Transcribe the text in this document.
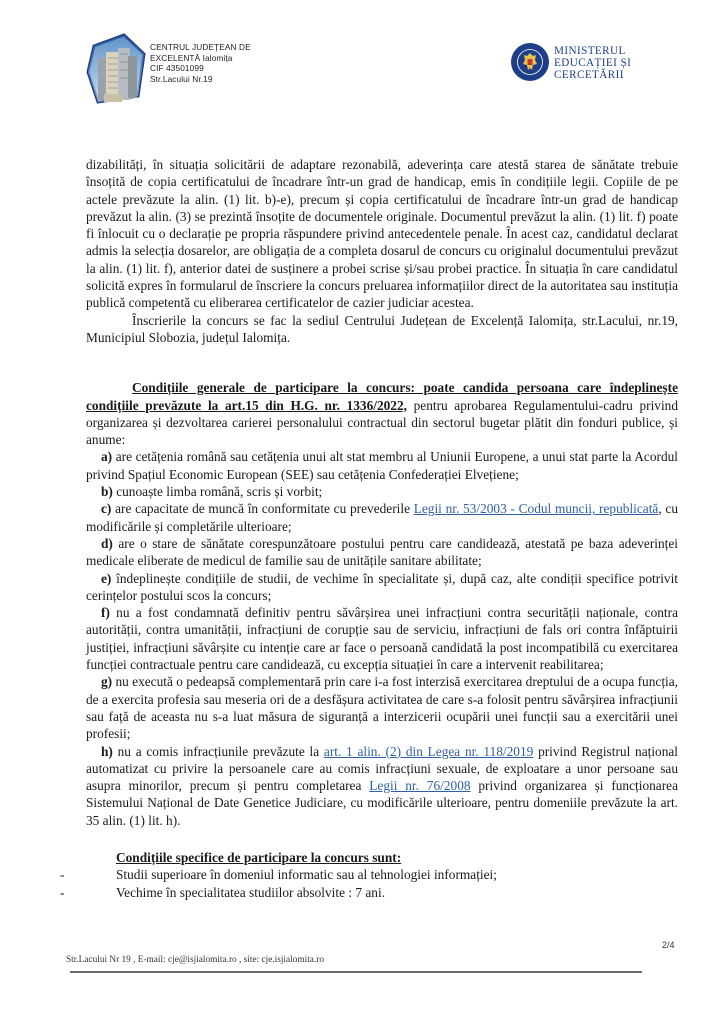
CENTRUL JUDEȚEAN DE
EXCELENTĂ Ialomița
CIF 43501099
Str.Lacului Nr.19
MINISTERUL
EDUCAȚIEI ȘI
CERCETĂRII

dizabilități, în situația solicitării de adaptare rezonabilă, adeverința care atestă starea de sănătate trebuie însoțită de copia certificatului de încadrare într-un grad de handicap, emis în condițiile legii. Copiile de pe actele prevăzute la alin. (1) lit. b)-e), precum și copia certificatului de încadrare într-un grad de handicap prevăzut la alin. (3) se prezintă însoțite de documentele originale. Documentul prevăzut la alin. (1) lit. f) poate fi înlocuit cu o declarație pe propria răspundere privind antecedentele penale. În acest caz, candidatul declarat admis la selecția dosarelor, are obligația de a completa dosarul de concurs cu originalul documentului prevăzut la alin. (1) lit. f), anterior datei de susținere a probei scrise și/sau probei practice. În situația în care candidatul solicită expres în formularul de înscriere la concurs preluarea informațiilor direct de la autoritatea sau instituția publică competentă cu eliberarea certificatelor de cazier judiciar acestea.

Înscrierile la concurs se fac la sediul Centrului Județean de Excelență Ialomița, str.Lacului, nr.19, Municipiul Slobozia, județul Ialomița.

Condițiile generale de participare la concurs: poate candida persoana care îndeplinește condițiile prevăzute la art.15 din H.G. nr. 1336/2022, pentru aprobarea Regulamentului-cadru privind organizarea și dezvoltarea carierei personalului contractual din sectorul bugetar plătit din fonduri publice, și anume:

a) are cetățenia română sau cetățenia unui alt stat membru al Uniunii Europene, a unui stat parte la Acordul privind Spațiul Economic European (SEE) sau cetățenia Confederației Elvețiene;

b) cunoaște limba română, scris și vorbit;

c) are capacitate de muncă în conformitate cu prevederile Legii nr. 53/2003 - Codul muncii, republicată, cu modificările și completările ulterioare;

d) are o stare de sănătate corespunzătoare postului pentru care candidează, atestată pe baza adeverinței medicale eliberate de medicul de familie sau de unitățile sanitare abilitate;

e) îndeplinește condițiile de studii, de vechime în specialitate și, după caz, alte condiții specifice potrivit cerințelor postului scos la concurs;

f) nu a fost condamnată definitiv pentru săvârșirea unei infracțiuni contra securității naționale, contra autorității, contra umanității, infracțiuni de corupție sau de serviciu, infracțiuni de fals ori contra înfăptuirii justiției, infracțiuni săvârșite cu intenție care ar face o persoană candidată la post incompatibilă cu exercitarea funcției contractuale pentru care candidează, cu excepția situației în care a intervenit reabilitarea;

g) nu execută o pedeapsă complementară prin care i-a fost interzisă exercitarea dreptului de a ocupa funcția, de a exercita profesia sau meseria ori de a desfășura activitatea de care s-a folosit pentru săvârșirea infracțiunii sau față de aceasta nu s-a luat măsura de siguranță a interzicerii ocupării unei funcții sau a exercitării unei profesii;

h) nu a comis infracțiunile prevăzute la art. 1 alin. (2) din Legea nr. 118/2019 privind Registrul național automatizat cu privire la persoanele care au comis infracțiuni sexuale, de exploatare a unor persoane sau asupra minorilor, precum și pentru completarea Legii nr. 76/2008 privind organizarea și funcționarea Sistemului Național de Date Genetice Judiciare, cu modificările ulterioare, pentru domeniile prevăzute la art. 35 alin. (1) lit. h).

Condițiile specifice de participare la concurs sunt:

-	Studii superioare în domeniul informatic sau al tehnologiei informației;
-	Vechime în specialitatea studiilor absolvite : 7 ani.
2/4
Str.Lacului Nr 19 , E-mail: cje@isjialomita.ro , site: cje.isjialomita.ro
